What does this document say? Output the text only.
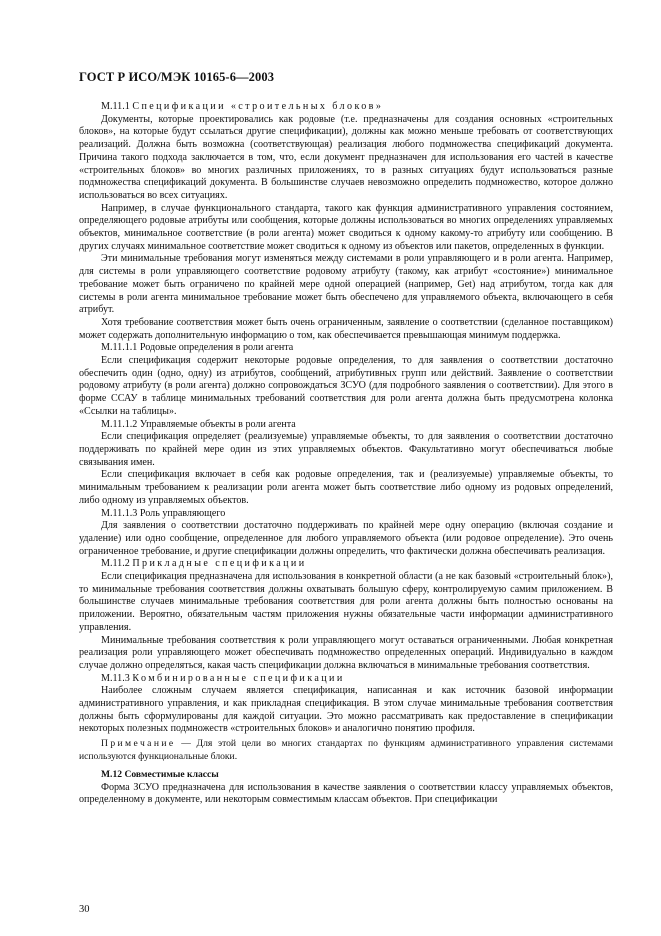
ГОСТ Р ИСО/МЭК 10165-6—2003

М.11.1 Спецификации «строительных блоков»

Документы, которые проектировались как родовые (т.е. предназначены для создания основных «строительных блоков», на которые будут ссылаться другие спецификации), должны как можно меньше требовать от соответствующих реализаций. Должна быть возможна (соответствующая) реализация любого подмножества спецификаций документа. Причина такого подхода заключается в том, что, если документ предназначен для использования его частей в качестве «строительных блоков» во многих различных приложениях, то в разных ситуациях будут использоваться разные подмножества спецификаций документа. В большинстве случаев невозможно определить подмножество, которое должно использоваться во всех ситуациях.

Например, в случае функционального стандарта, такого как функция административного управления состоянием, определяющего родовые атрибуты или сообщения, которые должны использоваться во многих определениях управляемых объектов, минимальное соответствие (в роли агента) может сводиться к одному какому-то атрибуту или сообщению. В других случаях минимальное соответствие может сводиться к одному из объектов или пакетов, определенных в функции.

Эти минимальные требования могут изменяться между системами в роли управляющего и в роли агента. Например, для системы в роли управляющего соответствие родовому атрибуту (такому, как атрибут «состояние») минимальное требование может быть ограничено по крайней мере одной операцией (например, Get) над атрибутом, тогда как для системы в роли агента минимальное требование может быть обеспечено для управляемого объекта, включающего в себя атрибут.

Хотя требование соответствия может быть очень ограниченным, заявление о соответствии (сделанное поставщиком) может содержать дополнительную информацию о том, как обеспечивается превышающая минимум поддержка.

М.11.1.1 Родовые определения в роли агента

Если спецификация содержит некоторые родовые определения, то для заявления о соответствии достаточно обеспечить один (одно, одну) из атрибутов, сообщений, атрибутивных групп или действий. Заявление о соответствии родовому атрибуту (в роли агента) должно сопровождаться ЗСУО (для подробного заявления о соответствии). Для этого в форме ССАУ в таблице минимальных требований соответствия для роли агента должна быть предусмотрена колонка «Ссылки на таблицы».

М.11.1.2 Управляемые объекты в роли агента

Если спецификация определяет (реализуемые) управляемые объекты, то для заявления о соответствии достаточно поддерживать по крайней мере один из этих управляемых объектов. Факультативно могут обеспечиваться любые связывания имен.

Если спецификация включает в себя как родовые определения, так и (реализуемые) управляемые объекты, то минимальным требованием к реализации роли агента может быть соответствие либо одному из родовых определений, либо одному из управляемых объектов.

М.11.1.3 Роль управляющего

Для заявления о соответствии достаточно поддерживать по крайней мере одну операцию (включая создание и удаление) или одно сообщение, определенное для любого управляемого объекта (или родовое определение). Это очень ограниченное требование, и другие спецификации должны определить, что фактически должна обеспечивать реализация.

М.11.2 Прикладные спецификации

Если спецификация предназначена для использования в конкретной области (а не как базовый «строительный блок»), то минимальные требования соответствия должны охватывать большую сферу, контролируемую самим приложением. В большинстве случаев минимальные требования соответствия для роли агента должны быть полностью основаны на приложении. Вероятно, обязательным частям приложения нужны обязательные части информации административного управления.

Минимальные требования соответствия к роли управляющего могут оставаться ограниченными. Любая конкретная реализация роли управляющего может обеспечивать подмножество определенных операций. Индивидуально в каждом случае должно определяться, какая часть спецификации должна включаться в минимальные требования соответствия.

М.11.3 Комбинированные спецификации

Наиболее сложным случаем является спецификация, написанная и как источник базовой информации административного управления, и как прикладная спецификация. В этом случае минимальные требования соответствия должны быть сформулированы для каждой ситуации. Это можно рассматривать как предоставление в спецификации некоторых полезных подмножеств «строительных блоков» и аналогично понятию профиля.

Примечание — Для этой цели во многих стандартах по функциям административного управления системами используются функциональные блоки.

М.12 Совместимые классы

Форма ЗСУО предназначена для использования в качестве заявления о соответствии классу управляемых объектов, определенному в документе, или некоторым совместимым классам объектов. При спецификации

30
